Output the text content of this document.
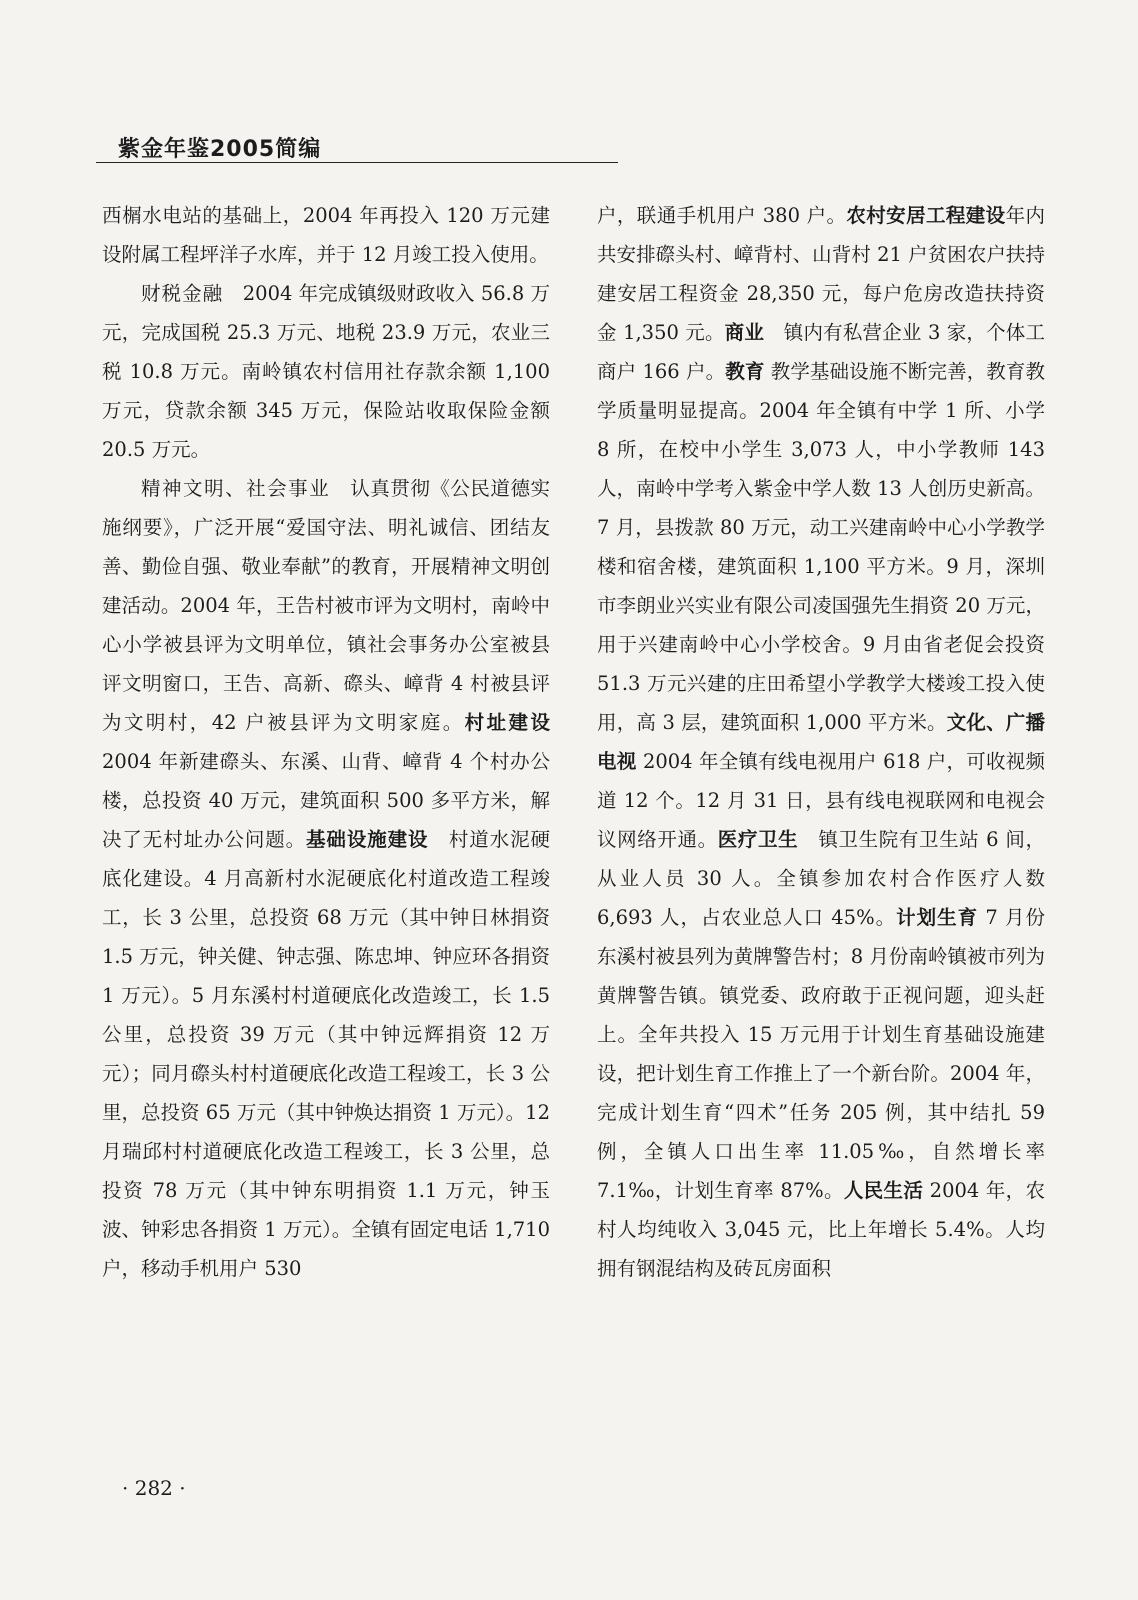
紫金年鉴2005简编

西榍水电站的基础上，2004 年再投入 120 万元建设附属工程坪洋子水库，并于 12 月竣工投入使用。

财税金融　2004 年完成镇级财政收入 56.8 万元，完成国税 25.3 万元、地税 23.9 万元，农业三税 10.8 万元。南岭镇农村信用社存款余额 1,100 万元，贷款余额 345 万元，保险站收取保险金额 20.5 万元。

精神文明、社会事业　认真贯彻《公民道德实施纲要》，广泛开展“爱国守法、明礼诚信、团结友善、勤俭自强、敬业奉献”的教育，开展精神文明创建活动。2004 年，王告村被市评为文明村，南岭中心小学被县评为文明单位，镇社会事务办公室被县评文明窗口，王告、高新、磜头、嶂背 4 村被县评为文明村，42 户被县评为文明家庭。村址建设 2004 年新建磜头、东溪、山背、嶂背 4 个村办公楼，总投资 40 万元，建筑面积 500 多平方米，解决了无村址办公问题。基础设施建设　村道水泥硬底化建设。4 月高新村水泥硬底化村道改造工程竣工，长 3 公里，总投资 68 万元（其中钟日林捐资 1.5 万元，钟关健、钟志强、陈忠坤、钟应环各捐资 1 万元）。5 月东溪村村道硬底化改造竣工，长 1.5 公里，总投资 39 万元（其中钟远辉捐资 12 万元）；同月磜头村村道硬底化改造工程竣工，长 3 公里，总投资 65 万元（其中钟焕达捐资 1 万元）。12 月瑞邱村村道硬底化改造工程竣工，长 3 公里，总投资 78 万元（其中钟东明捐资 1.1 万元，钟玉波、钟彩忠各捐资 1 万元）。全镇有固定电话 1,710 户，移动手机用户 530

户，联通手机用户 380 户。农村安居工程建设年内共安排磜头村、嶂背村、山背村 21 户贫困农户扶持建安居工程资金 28,350 元，每户危房改造扶持资金 1,350 元。商业　镇内有私营企业 3 家，个体工商户 166 户。教育 教学基础设施不断完善，教育教学质量明显提高。2004 年全镇有中学 1 所、小学 8 所，在校中小学生 3,073 人，中小学教师 143 人，南岭中学考入紫金中学人数 13 人创历史新高。7 月，县拨款 80 万元，动工兴建南岭中心小学教学楼和宿舍楼，建筑面积 1,100 平方米。9 月，深圳市李朗业兴实业有限公司凌国强先生捐资 20 万元，用于兴建南岭中心小学校舍。9 月由省老促会投资 51.3 万元兴建的庄田希望小学教学大楼竣工投入使用，高 3 层，建筑面积 1,000 平方米。文化、广播电视 2004 年全镇有线电视用户 618 户，可收视频道 12 个。12 月 31 日，县有线电视联网和电视会议网络开通。医疗卫生　镇卫生院有卫生站 6 间，从业人员 30 人。全镇参加农村合作医疗人数 6,693 人，占农业总人口 45%。计划生育 7 月份东溪村被县列为黄牌警告村；8 月份南岭镇被市列为黄牌警告镇。镇党委、政府敢于正视问题，迎头赶上。全年共投入 15 万元用于计划生育基础设施建设，把计划生育工作推上了一个新台阶。2004 年，完成计划生育“四术”任务 205 例，其中结扎 59 例，全镇人口出生率 11.05‰，自然增长率 7.1‰，计划生育率 87%。人民生活 2004 年，农村人均纯收入 3,045 元，比上年增长 5.4%。人均拥有钢混结构及砖瓦房面积

· 282 ·
